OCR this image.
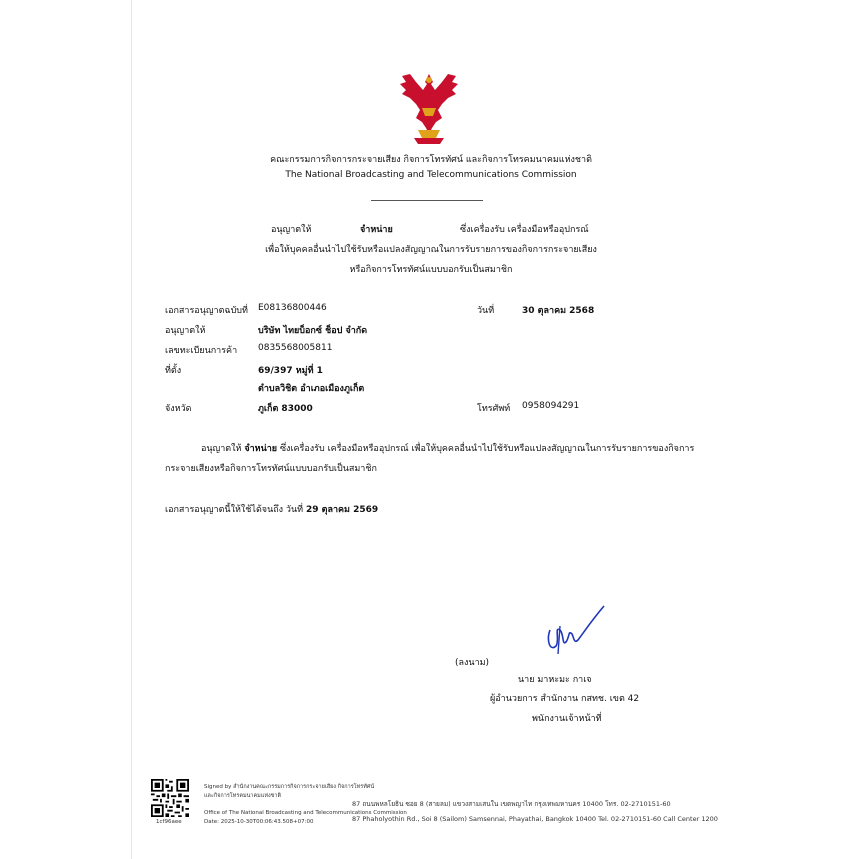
คณะกรรมการกิจการกระจายเสียง กิจการโทรทัศน์ และกิจการโทรคมนาคมแห่งชาติ
The National Broadcasting and Telecommunications Commission
อนุญาตให้	จำหน่าย	ซึ่งเครื่องรับ เครื่องมือหรืออุปกรณ์
เพื่อให้บุคคลอื่นนำไปใช้รับหรือแปลงสัญญาณในการรับรายการของกิจการกระจายเสียง
หรือกิจการโทรทัศน์แบบบอกรับเป็นสมาชิก
เอกสารอนุญาตฉบับที่ E08136800446	วันที่	30 ตุลาคม 2568
อนุญาตให้	บริษัท ไทยบ็อกซ์ ช็อป จำกัด
เลขทะเบียนการค้า 0835568005811
ที่ตั้ง	69/397 หมู่ที่ 1
ตำบลวิชิต อำเภอเมืองภูเก็ต
จังหวัด	ภูเก็ต 83000	โทรศัพท์ 0958094291
อนุญาตให้ จำหน่าย ซึ่งเครื่องรับ เครื่องมือหรืออุปกรณ์ เพื่อให้บุคคลอื่นนำไปใช้รับหรือแปลงสัญญาณในการรับรายการของกิจการ
กระจายเสียงหรือกิจการโทรทัศน์แบบบอกรับเป็นสมาชิก
เอกสารอนุญาตนี้ให้ใช้ได้จนถึง วันที่ 29 ตุลาคม 2569
(ลงนาม)
นาย มาหะมะ กาเจ
ผู้อำนวยการ สำนักงาน กสทช. เขต 42
พนักงานเจ้าหน้าที่
1cf96aee
Signed by สำนักงานคณะกรรมการกิจการกระจายเสียง กิจการโทรทัศน์
และกิจการโทรคมนาคมแห่งชาติ
Office of The National Broadcasting and Telecommunications Commission
Date: 2025-10-30T00:06:43.508+07:00
87 ถนนพหลโยธิน ซอย 8 (สายลม) แขวงสามเสนใน เขตพญาไท กรุงเทพมหานคร 10400 โทร. 02-2710151-60
87 Phaholyothin Rd., Soi 8 (Sailom) Samsennai, Phayathai, Bangkok 10400 Tel. 02-2710151-60 Call Center 1200
